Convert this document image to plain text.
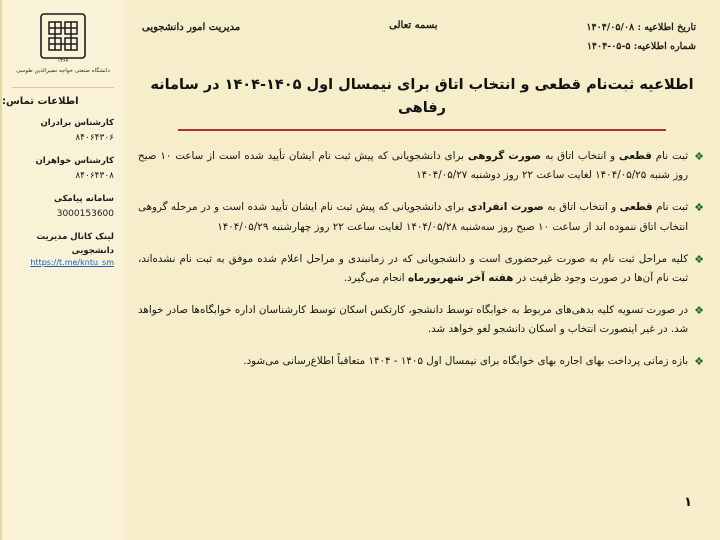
تاریخ اطلاعیه : ۱۴۰۴/۰۵/۰۸
شماره اطلاعیه: ۵-۰۵-۱۴۰۴
بسمه تعالی
مدیریت امور دانشجویی
اطلاعیه ثبت‌نام قطعی و انتخاب اتاق برای نیمسال اول ۱۴۰۵-۱۴۰۴ در سامانه رفاهی
❖
ثبت نام قطعی و انتخاب اتاق به صورت گروهی برای دانشجویانی که پیش ثبت نام ایشان تأیید شده است از ساعت ۱۰ صبح روز شنبه ۱۴۰۴/۰۵/۲۵ لغایت ساعت ۲۲ روز دوشنبه ۱۴۰۴/۰۵/۲۷
❖
ثبت نام قطعی و انتخاب اتاق به صورت انفرادی برای دانشجویانی که پیش ثبت نام ایشان تأیید شده است و در مرحله گروهی انتخاب اتاق ننموده اند از ساعت ۱۰ صبح روز سه‌شنبه ۱۴۰۴/۰۵/۲۸ لغایت ساعت ۲۲ روز چهارشنبه ۱۴۰۴/۰۵/۲۹
❖
کلیه مراحل ثبت نام به صورت غیرحضوری است و دانشجویانی که در زمانبندی و مراحل اعلام شده موفق به ثبت نام نشده‌اند، ثبت نام آن‌ها در صورت وجود ظرفیت در هفته آخر شهریورماه انجام می‌گیرد.
❖
در صورت تسویه کلیه بدهی‌های مربوط به خوابگاه توسط دانشجو، کارتکس اسکان توسط کارشناسان اداره خوابگاه‌ها صادر خواهد شد. در غیر اینصورت انتخاب و اسکان دانشجو لغو خواهد شد.
❖
بازه زمانی پرداخت بهای اجاره بهای خوابگاه برای نیمسال اول ۱۴۰۵ - ۱۴۰۴ متعاقباً اطلاع‌رسانی می‌شود.
۱
۱۳۶۷
دانشگاه صنعتی خواجه نصیرالدین طوسی
اطلاعات تماس:
کارشناس برادران
۸۴۰۶۴۳۰۶
کارشناس خواهران
۸۴۰۶۴۳۰۸
سامانه پیامکی
3000153600
لینک کانال مدیریت دانشجویی
https://t.me/kntu_sm
